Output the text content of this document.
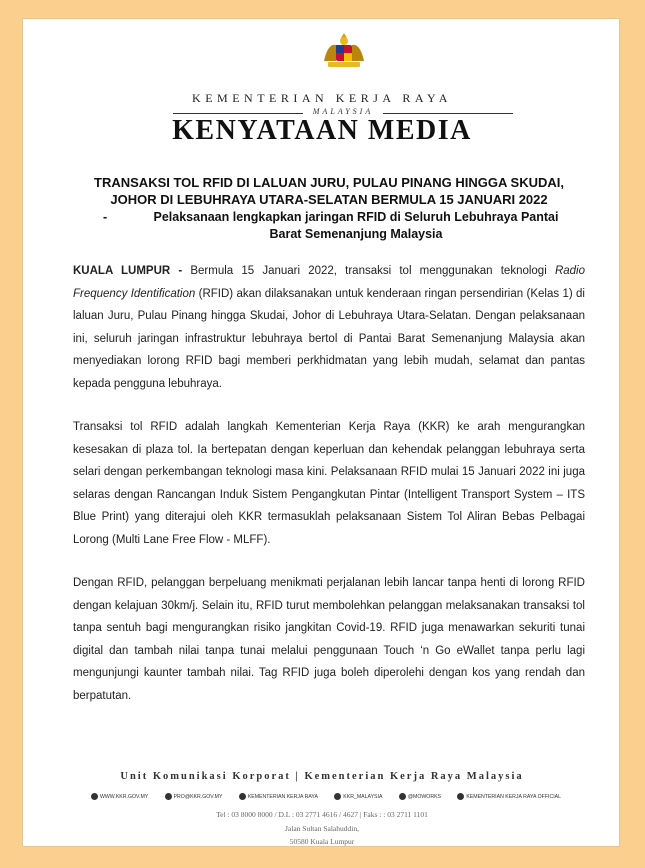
KEMENTERIAN KERJA RAYA
MALAYSIA
KENYATAAN MEDIA
TRANSAKSI TOL RFID DI LALUAN JURU, PULAU PINANG HINGGA SKUDAI,
JOHOR DI LEBUHRAYA UTARA-SELATAN BERMULA 15 JANUARI 2022
-	Pelaksanaan lengkapkan jaringan RFID di Seluruh Lebuhraya Pantai
Barat Semenanjung Malaysia
KUALA LUMPUR - Bermula 15 Januari 2022, transaksi tol menggunakan teknologi Radio Frequency Identification (RFID) akan dilaksanakan untuk kenderaan ringan persendirian (Kelas 1) di laluan Juru, Pulau Pinang hingga Skudai, Johor di Lebuhraya Utara-Selatan. Dengan pelaksanaan ini, seluruh jaringan infrastruktur lebuhraya bertol di Pantai Barat Semenanjung Malaysia akan menyediakan lorong RFID bagi memberi perkhidmatan yang lebih mudah, selamat dan pantas kepada pengguna lebuhraya.
Transaksi tol RFID adalah langkah Kementerian Kerja Raya (KKR) ke arah mengurangkan kesesakan di plaza tol. Ia bertepatan dengan keperluan dan kehendak pelanggan lebuhraya serta selari dengan perkembangan teknologi masa kini. Pelaksanaan RFID mulai 15 Januari 2022 ini juga selaras dengan Rancangan Induk Sistem Pengangkutan Pintar (Intelligent Transport System – ITS Blue Print) yang diterajui oleh KKR termasuklah pelaksanaan Sistem Tol Aliran Bebas Pelbagai Lorong (Multi Lane Free Flow - MLFF).
Dengan RFID, pelanggan berpeluang menikmati perjalanan lebih lancar tanpa henti di lorong RFID dengan kelajuan 30km/j. Selain itu, RFID turut membolehkan pelanggan melaksanakan transaksi tol tanpa sentuh bagi mengurangkan risiko jangkitan Covid-19. RFID juga menawarkan sekuriti tunai digital dan tambah nilai tanpa tunai melalui penggunaan Touch ‘n Go eWallet tanpa perlu lagi mengunjungi kaunter tambah nilai. Tag RFID juga boleh diperolehi dengan kos yang rendah dan berpatutan.
Unit Komunikasi Korporat | Kementerian Kerja Raya Malaysia
WWW.KKR.GOV.MY	PRO@KKR.GOV.MY	KEMENTERIAN KERJA RAYA	KKR_MALAYSIA	@MOWORKS	KEMENTERIAN KERJA RAYA OFFICIAL
Tel : 03 8000 8000 / D.L : 03 2771 4616 / 4627 | Faks : : 03 2711 1101
Jalan Sultan Salahuddin,
50580 Kuala Lumpur
